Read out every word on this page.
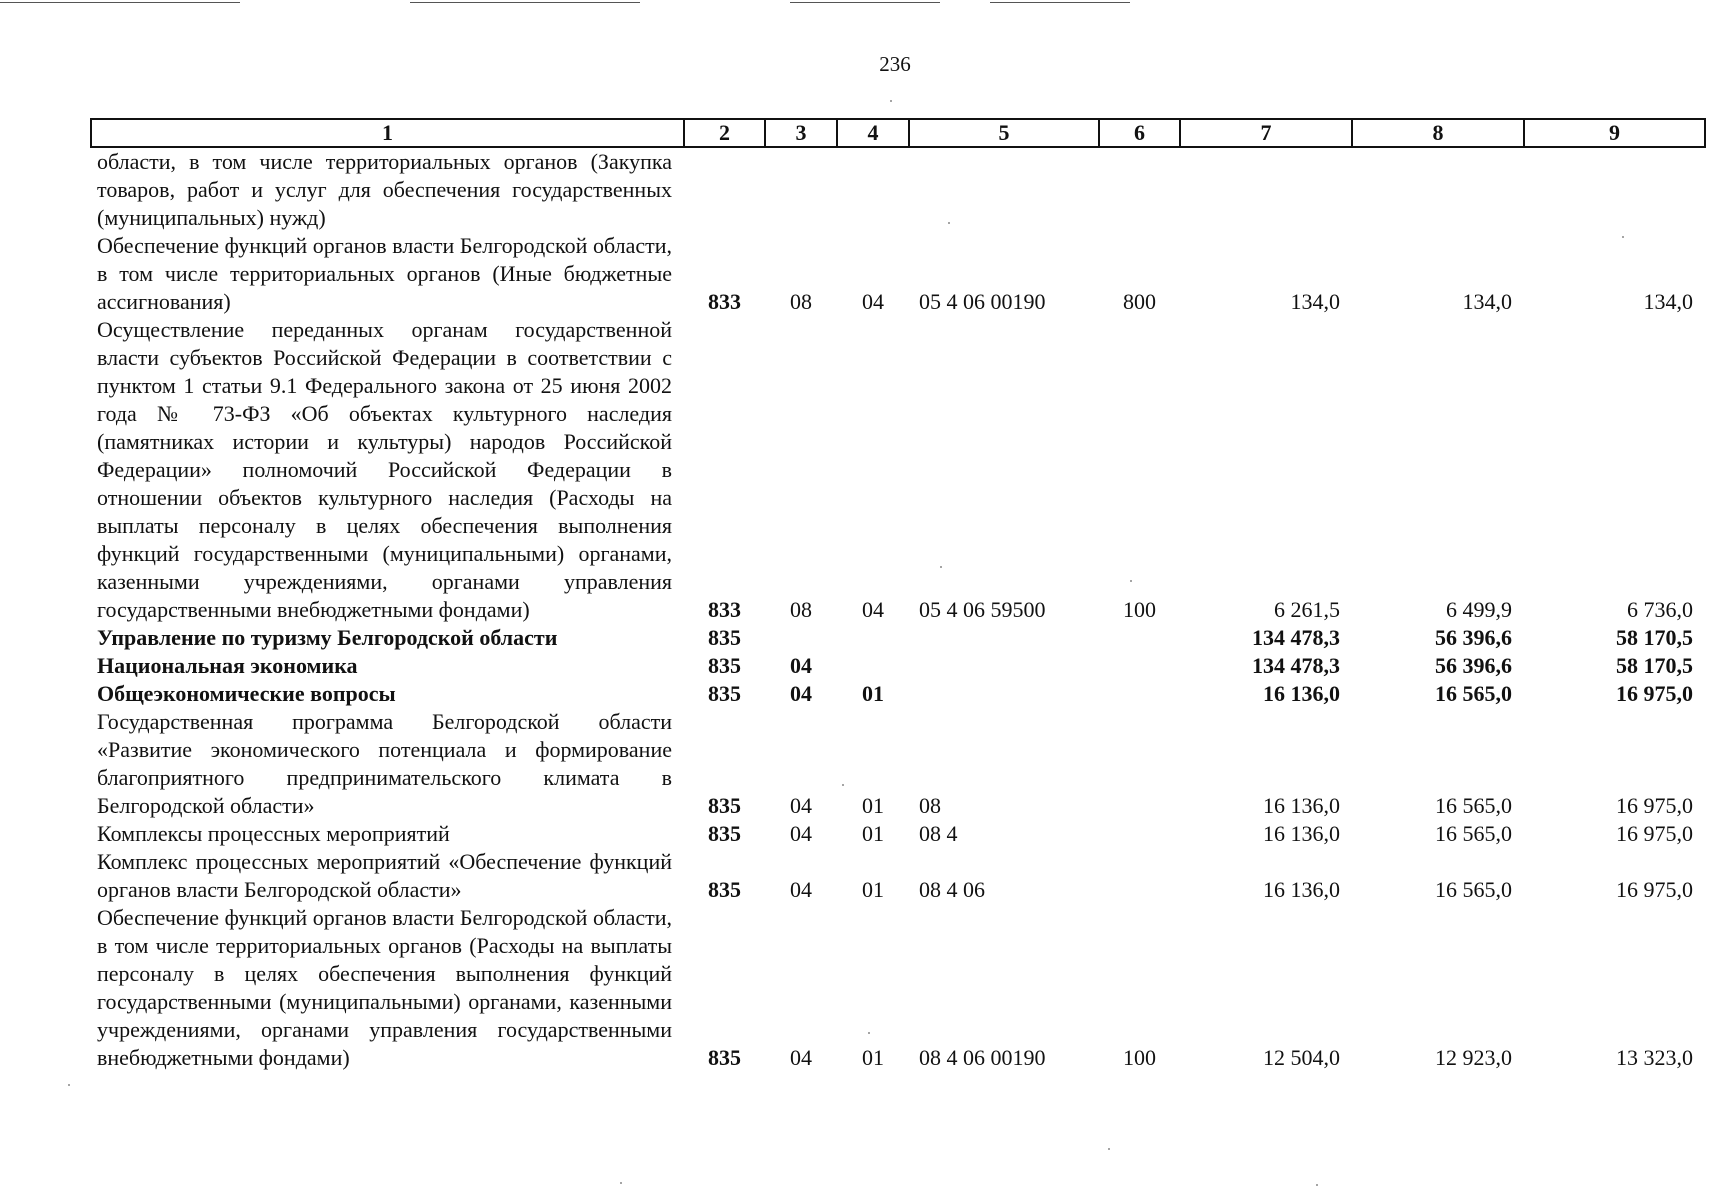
236
1	2	3	4	5	6	7	8	9
области, в том числе территориальных органов (Закупка товаров, работ и услуг для обеспечения государственных (муниципальных) нужд)								
Обеспечение функций органов власти Белгородской области, в том числе территориальных органов (Иные бюджетные ассигнования)	833	08	04	05 4 06 00190	800	134,0	134,0	134,0
Осуществление переданных органам государственной власти субъектов Российской Федерации в соответствии с пунктом 1 статьи 9.1 Федерального закона от 25 июня 2002 года № 73-ФЗ «Об объектах культурного наследия (памятниках истории и культуры) народов Российской Федерации» полномочий Российской Федерации в отношении объектов культурного наследия (Расходы на выплаты персоналу в целях обеспечения выполнения функций государственными (муниципальными) органами, казенными учреждениями, органами управления государственными внебюджетными фондами)	833	08	04	05 4 06 59500	100	6 261,5	6 499,9	6 736,0
Управление по туризму Белгородской области	835					134 478,3	56 396,6	58 170,5
Национальная экономика	835	04				134 478,3	56 396,6	58 170,5
Общеэкономические вопросы	835	04	01			16 136,0	16 565,0	16 975,0
Государственная программа Белгородской области «Развитие экономического потенциала и формирование благоприятного предпринимательского климата в Белгородской области»	835	04	01	08		16 136,0	16 565,0	16 975,0
Комплексы процессных мероприятий	835	04	01	08 4		16 136,0	16 565,0	16 975,0
Комплекс процессных мероприятий «Обеспечение функций органов власти Белгородской области»	835	04	01	08 4 06		16 136,0	16 565,0	16 975,0
Обеспечение функций органов власти Белгородской области, в том числе территориальных органов (Расходы на выплаты персоналу в целях обеспечения выполнения функций государственными (муниципальными) органами, казенными учреждениями, органами управления государственными внебюджетными фондами)	835	04	01	08 4 06 00190	100	12 504,0	12 923,0	13 323,0
